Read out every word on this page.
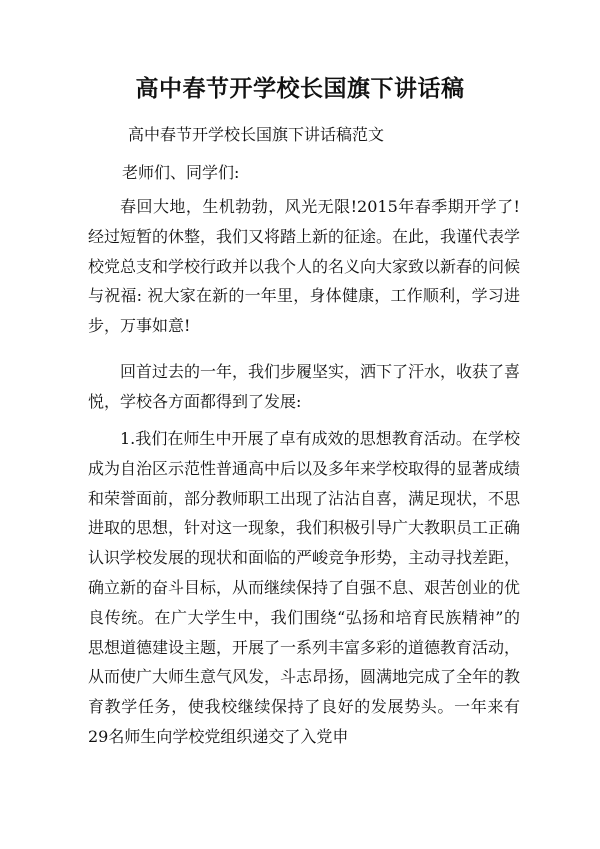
高中春节开学校长国旗下讲话稿
高中春节开学校长国旗下讲话稿范文
老师们、同学们:

春回大地，生机勃勃，风光无限!2015年春季期开学了!经过短暂的休整，我们又将踏上新的征途。在此，我谨代表学校党总支和学校行政并以我个人的名义向大家致以新春的问候与祝福: 祝大家在新的一年里，身体健康，工作顺利，学习进步，万事如意!

回首过去的一年，我们步履坚实，洒下了汗水，收获了喜悦，学校各方面都得到了发展:

1.我们在师生中开展了卓有成效的思想教育活动。在学校成为自治区示范性普通高中后以及多年来学校取得的显著成绩和荣誉面前，部分教师职工出现了沾沾自喜，满足现状，不思进取的思想，针对这一现象，我们积极引导广大教职员工正确认识学校发展的现状和面临的严峻竞争形势，主动寻找差距，确立新的奋斗目标，从而继续保持了自强不息、艰苦创业的优良传统。在广大学生中，我们围绕“弘扬和培育民族精神”的思想道德建设主题，开展了一系列丰富多彩的道德教育活动，从而使广大师生意气风发，斗志昂扬，圆满地完成了全年的教育教学任务，使我校继续保持了良好的发展势头。一年来有29名师生向学校党组织递交了入党申
